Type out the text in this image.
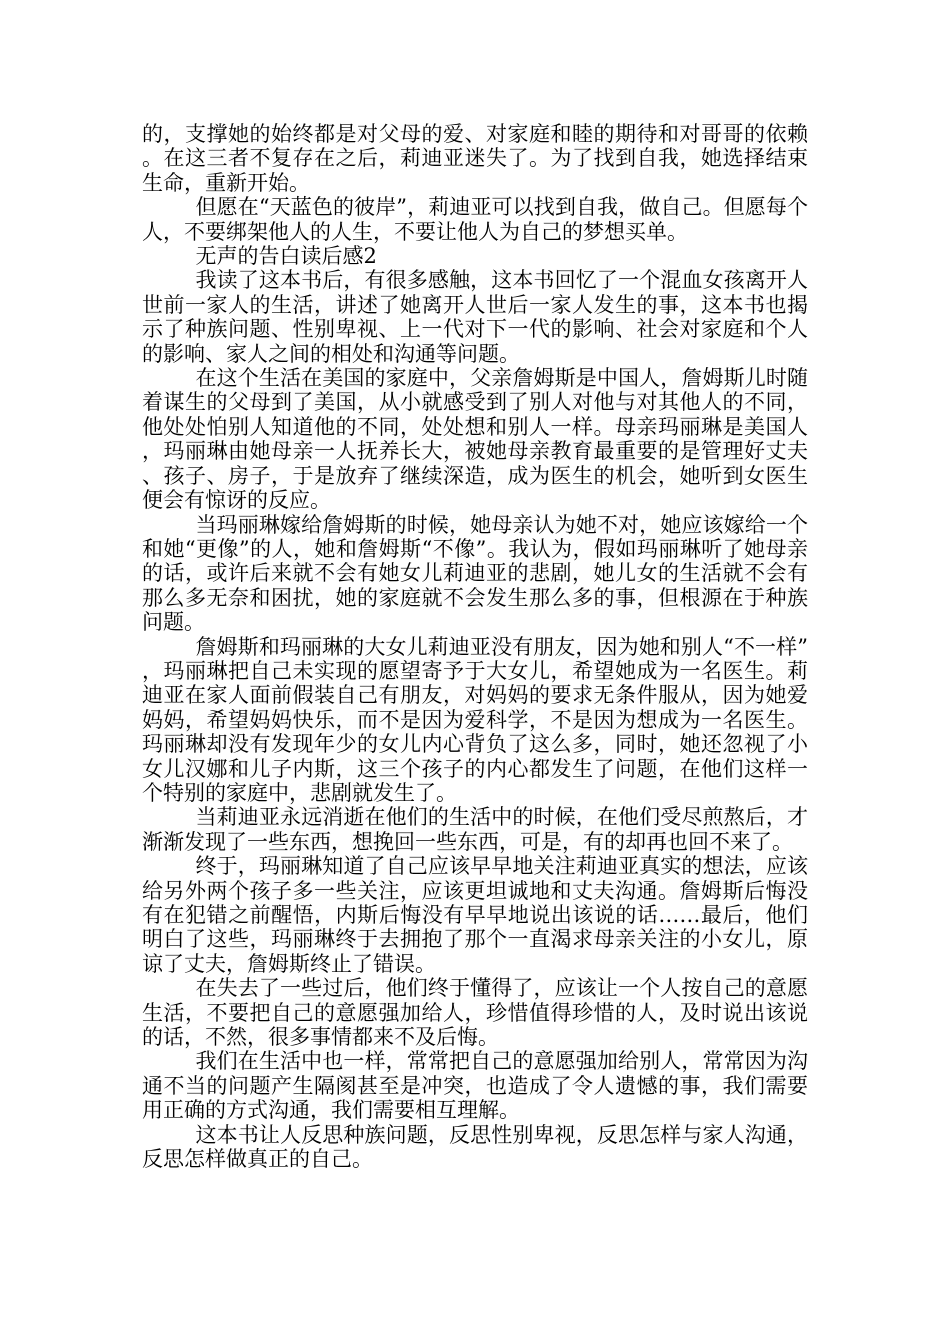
的，支撑她的始终都是对父母的爱、对家庭和睦的期待和对哥哥的依赖。在这三者不复存在之后，莉迪亚迷失了。为了找到自我，她选择结束生命，重新开始。

但愿在“天蓝色的彼岸”，莉迪亚可以找到自我，做自己。但愿每个人，不要绑架他人的人生，不要让他人为自己的梦想买单。

无声的告白读后感2

我读了这本书后，有很多感触，这本书回忆了一个混血女孩离开人世前一家人的生活，讲述了她离开人世后一家人发生的事，这本书也揭示了种族问题、性别卑视、上一代对下一代的影响、社会对家庭和个人的影响、家人之间的相处和沟通等问题。

在这个生活在美国的家庭中，父亲詹姆斯是中国人，詹姆斯儿时随着谋生的父母到了美国，从小就感受到了别人对他与对其他人的不同，他处处怕别人知道他的不同，处处想和别人一样。母亲玛丽琳是美国人，玛丽琳由她母亲一人抚养长大，被她母亲教育最重要的是管理好丈夫、孩子、房子，于是放弃了继续深造，成为医生的机会，她听到女医生便会有惊讶的反应。

当玛丽琳嫁给詹姆斯的时候，她母亲认为她不对，她应该嫁给一个和她“更像”的人，她和詹姆斯“不像”。我认为，假如玛丽琳听了她母亲的话，或许后来就不会有她女儿莉迪亚的悲剧，她儿女的生活就不会有那么多无奈和困扰，她的家庭就不会发生那么多的事，但根源在于种族问题。

詹姆斯和玛丽琳的大女儿莉迪亚没有朋友，因为她和别人“不一样”，玛丽琳把自己未实现的愿望寄予于大女儿，希望她成为一名医生。莉迪亚在家人面前假装自己有朋友，对妈妈的要求无条件服从，因为她爱妈妈，希望妈妈快乐，而不是因为爱科学，不是因为想成为一名医生。玛丽琳却没有发现年少的女儿内心背负了这么多，同时，她还忽视了小女儿汉娜和儿子内斯，这三个孩子的内心都发生了问题，在他们这样一个特别的家庭中，悲剧就发生了。

当莉迪亚永远消逝在他们的生活中的时候，在他们受尽煎熬后，才渐渐发现了一些东西，想挽回一些东西，可是，有的却再也回不来了。

终于，玛丽琳知道了自己应该早早地关注莉迪亚真实的想法，应该给另外两个孩子多一些关注，应该更坦诚地和丈夫沟通。詹姆斯后悔没有在犯错之前醒悟，内斯后悔没有早早地说出该说的话……最后，他们明白了这些，玛丽琳终于去拥抱了那个一直渴求母亲关注的小女儿，原谅了丈夫，詹姆斯终止了错误。

在失去了一些过后，他们终于懂得了，应该让一个人按自己的意愿生活，不要把自己的意愿强加给人，珍惜值得珍惜的人，及时说出该说的话，不然，很多事情都来不及后悔。

我们在生活中也一样，常常把自己的意愿强加给别人，常常因为沟通不当的问题产生隔阂甚至是冲突，也造成了令人遗憾的事，我们需要用正确的方式沟通，我们需要相互理解。

这本书让人反思种族问题，反思性别卑视，反思怎样与家人沟通，反思怎样做真正的自己。
